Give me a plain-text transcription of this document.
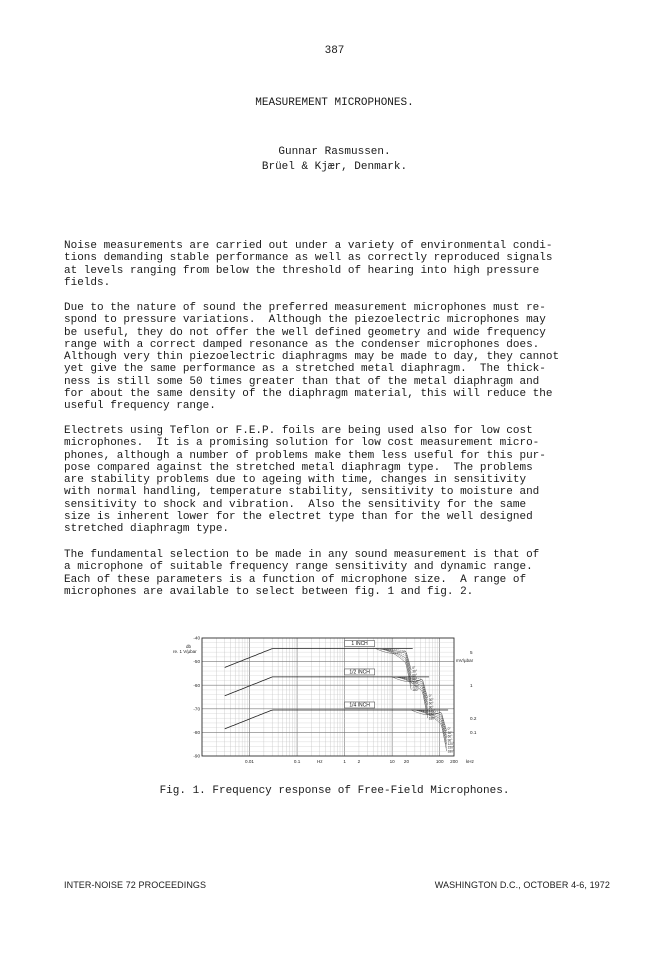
387
MEASUREMENT MICROPHONES.
Gunnar Rasmussen.
Brüel & Kjær, Denmark.
Noise measurements are carried out under a variety of environmental condi-
tions demanding stable performance as well as correctly reproduced signals
at levels ranging from below the threshold of hearing into high pressure
fields.
Due to the nature of sound the preferred measurement microphones must re-
spond to pressure variations.  Although the piezoelectric microphones may
be useful, they do not offer the well defined geometry and wide frequency
range with a correct damped resonance as the condenser microphones does.
Although very thin piezoelectric diaphragms may be made to day, they cannot
yet give the same performance as a stretched metal diaphragm.  The thick-
ness is still some 50 times greater than that of the metal diaphragm and
for about the same density of the diaphragm material, this will reduce the
useful frequency range.
Electrets using Teflon or F.E.P. foils are being used also for low cost
microphones.  It is a promising solution for low cost measurement micro-
phones, although a number of problems make them less useful for this pur-
pose compared against the stretched metal diaphragm type.  The problems
are stability problems due to ageing with time, changes in sensitivity
with normal handling, temperature stability, sensitivity to moisture and
sensitivity to shock and vibration.  Also the sensitivity for the same
size is inherent lower for the electret type than for the well designed
stretched diaphragm type.
The fundamental selection to be made in any sound measurement is that of
a microphone of suitable frequency range sensitivity and dynamic range.
Each of these parameters is a function of microphone size.  A range of
microphones are available to select between fig. 1 and fig. 2.
-40
-50
-60
-70
-80
-90
5
1
0.2
0.1
0.01	0.1	1	2	10 20	100 200
Hz	kHz
0°
30°
60°
90°
120°
150°
180°
1 INCH
0°
30°
60°
90°
120°
150°
180°
1/2 INCH
0°
30°
60°
90°
120°
150°
180°
1/4 INCH
db re. 1 V/µbar
mV/µbar
Fig. 1. Frequency response of Free-Field Microphones.
INTER-NOISE 72 PROCEEDINGS	WASHINGTON D.C., OCTOBER 4-6, 1972
